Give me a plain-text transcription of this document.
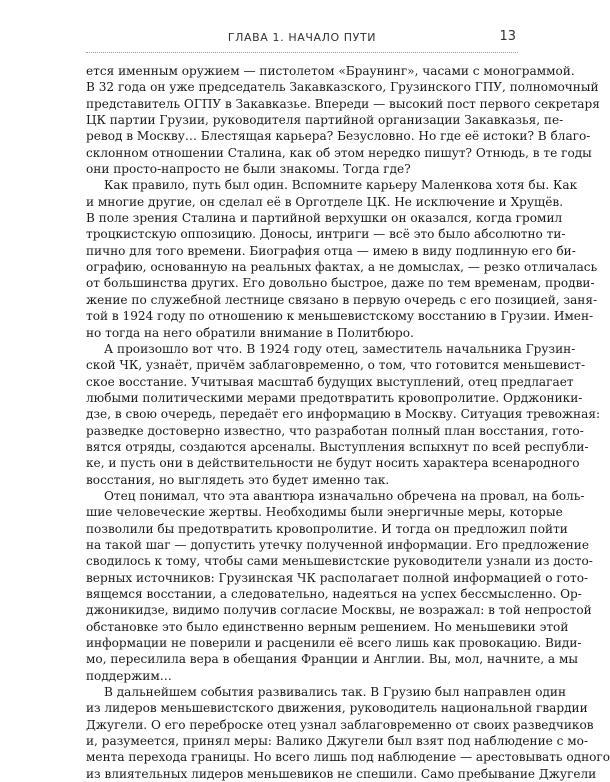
ГЛАВА 1. НАЧАЛО ПУТИ	13
ется именным оружием — пистолетом «Браунинг», часами с монограммой.
В 32 года он уже председатель Закавказского, Грузинского ГПУ, полномочный
представитель ОГПУ в Закавказье. Впереди — высокий пост первого секретаря
ЦК партии Грузии, руководителя партийной организации Закавказья, пе-
ревод в Москву… Блестящая карьера? Безусловно. Но где её истоки? В благо-
склонном отношении Сталина, как об этом нередко пишут? Отнюдь, в те годы
они просто-напросто не были знакомы. Тогда где?
Как правило, путь был один. Вспомните карьеру Маленкова хотя бы. Как
и многие другие, он сделал её в Орготделе ЦК. Не исключение и Хрущёв.
В поле зрения Сталина и партийной верхушки он оказался, когда громил
троцкистскую оппозицию. Доносы, интриги — всё это было абсолютно ти-
пично для того времени. Биография отца — имею в виду подлинную его би-
ографию, основанную на реальных фактах, а не домыслах, — резко отличалась
от большинства других. Его довольно быстрое, даже по тем временам, продви-
жение по служебной лестнице связано в первую очередь с его позицией, заня-
той в 1924 году по отношению к меньшевистскому восстанию в Грузии. Имен-
но тогда на него обратили внимание в Политбюро.
А произошло вот что. В 1924 году отец, заместитель начальника Грузин-
ской ЧК, узнаёт, причём заблаговременно, о том, что готовится меньшевист-
ское восстание. Учитывая масштаб будущих выступлений, отец предлагает
любыми политическими мерами предотвратить кровопролитие. Орджоники-
дзе, в свою очередь, передаёт его информацию в Москву. Ситуация тревожная:
разведке достоверно известно, что разработан полный план восстания, гото-
вятся отряды, создаются арсеналы. Выступления вспыхнут по всей республи-
ке, и пусть они в действительности не будут носить характера всенародного
восстания, но выглядеть это будет именно так.
Отец понимал, что эта авантюра изначально обречена на провал, на боль-
шие человеческие жертвы. Необходимы были энергичные меры, которые
позволили бы предотвратить кровопролитие. И тогда он предложил пойти
на такой шаг — допустить утечку полученной информации. Его предложение
сводилось к тому, чтобы сами меньшевистские руководители узнали из досто-
верных источников: Грузинская ЧК располагает полной информацией о гото-
вящемся восстании, а следовательно, надеяться на успех бессмысленно. Ор-
джоникидзе, видимо получив согласие Москвы, не возражал: в той непростой
обстановке это было единственно верным решением. Но меньшевики этой
информации не поверили и расценили её всего лишь как провокацию. Види-
мо, пересилила вера в обещания Франции и Англии. Вы, мол, начните, а мы
поддержим…
В дальнейшем события развивались так. В Грузию был направлен один
из лидеров меньшевистского движения, руководитель национальной гвардии
Джугели. О его переброске отец узнал заблаговременно от своих разведчиков
и, разумеется, принял меры: Валико Джугели был взят под наблюдение с мо-
мента перехода границы. Но всего лишь под наблюдение — арестовывать одного
из влиятельных лидеров меньшевиков не спешили. Само пребывание Джугели
